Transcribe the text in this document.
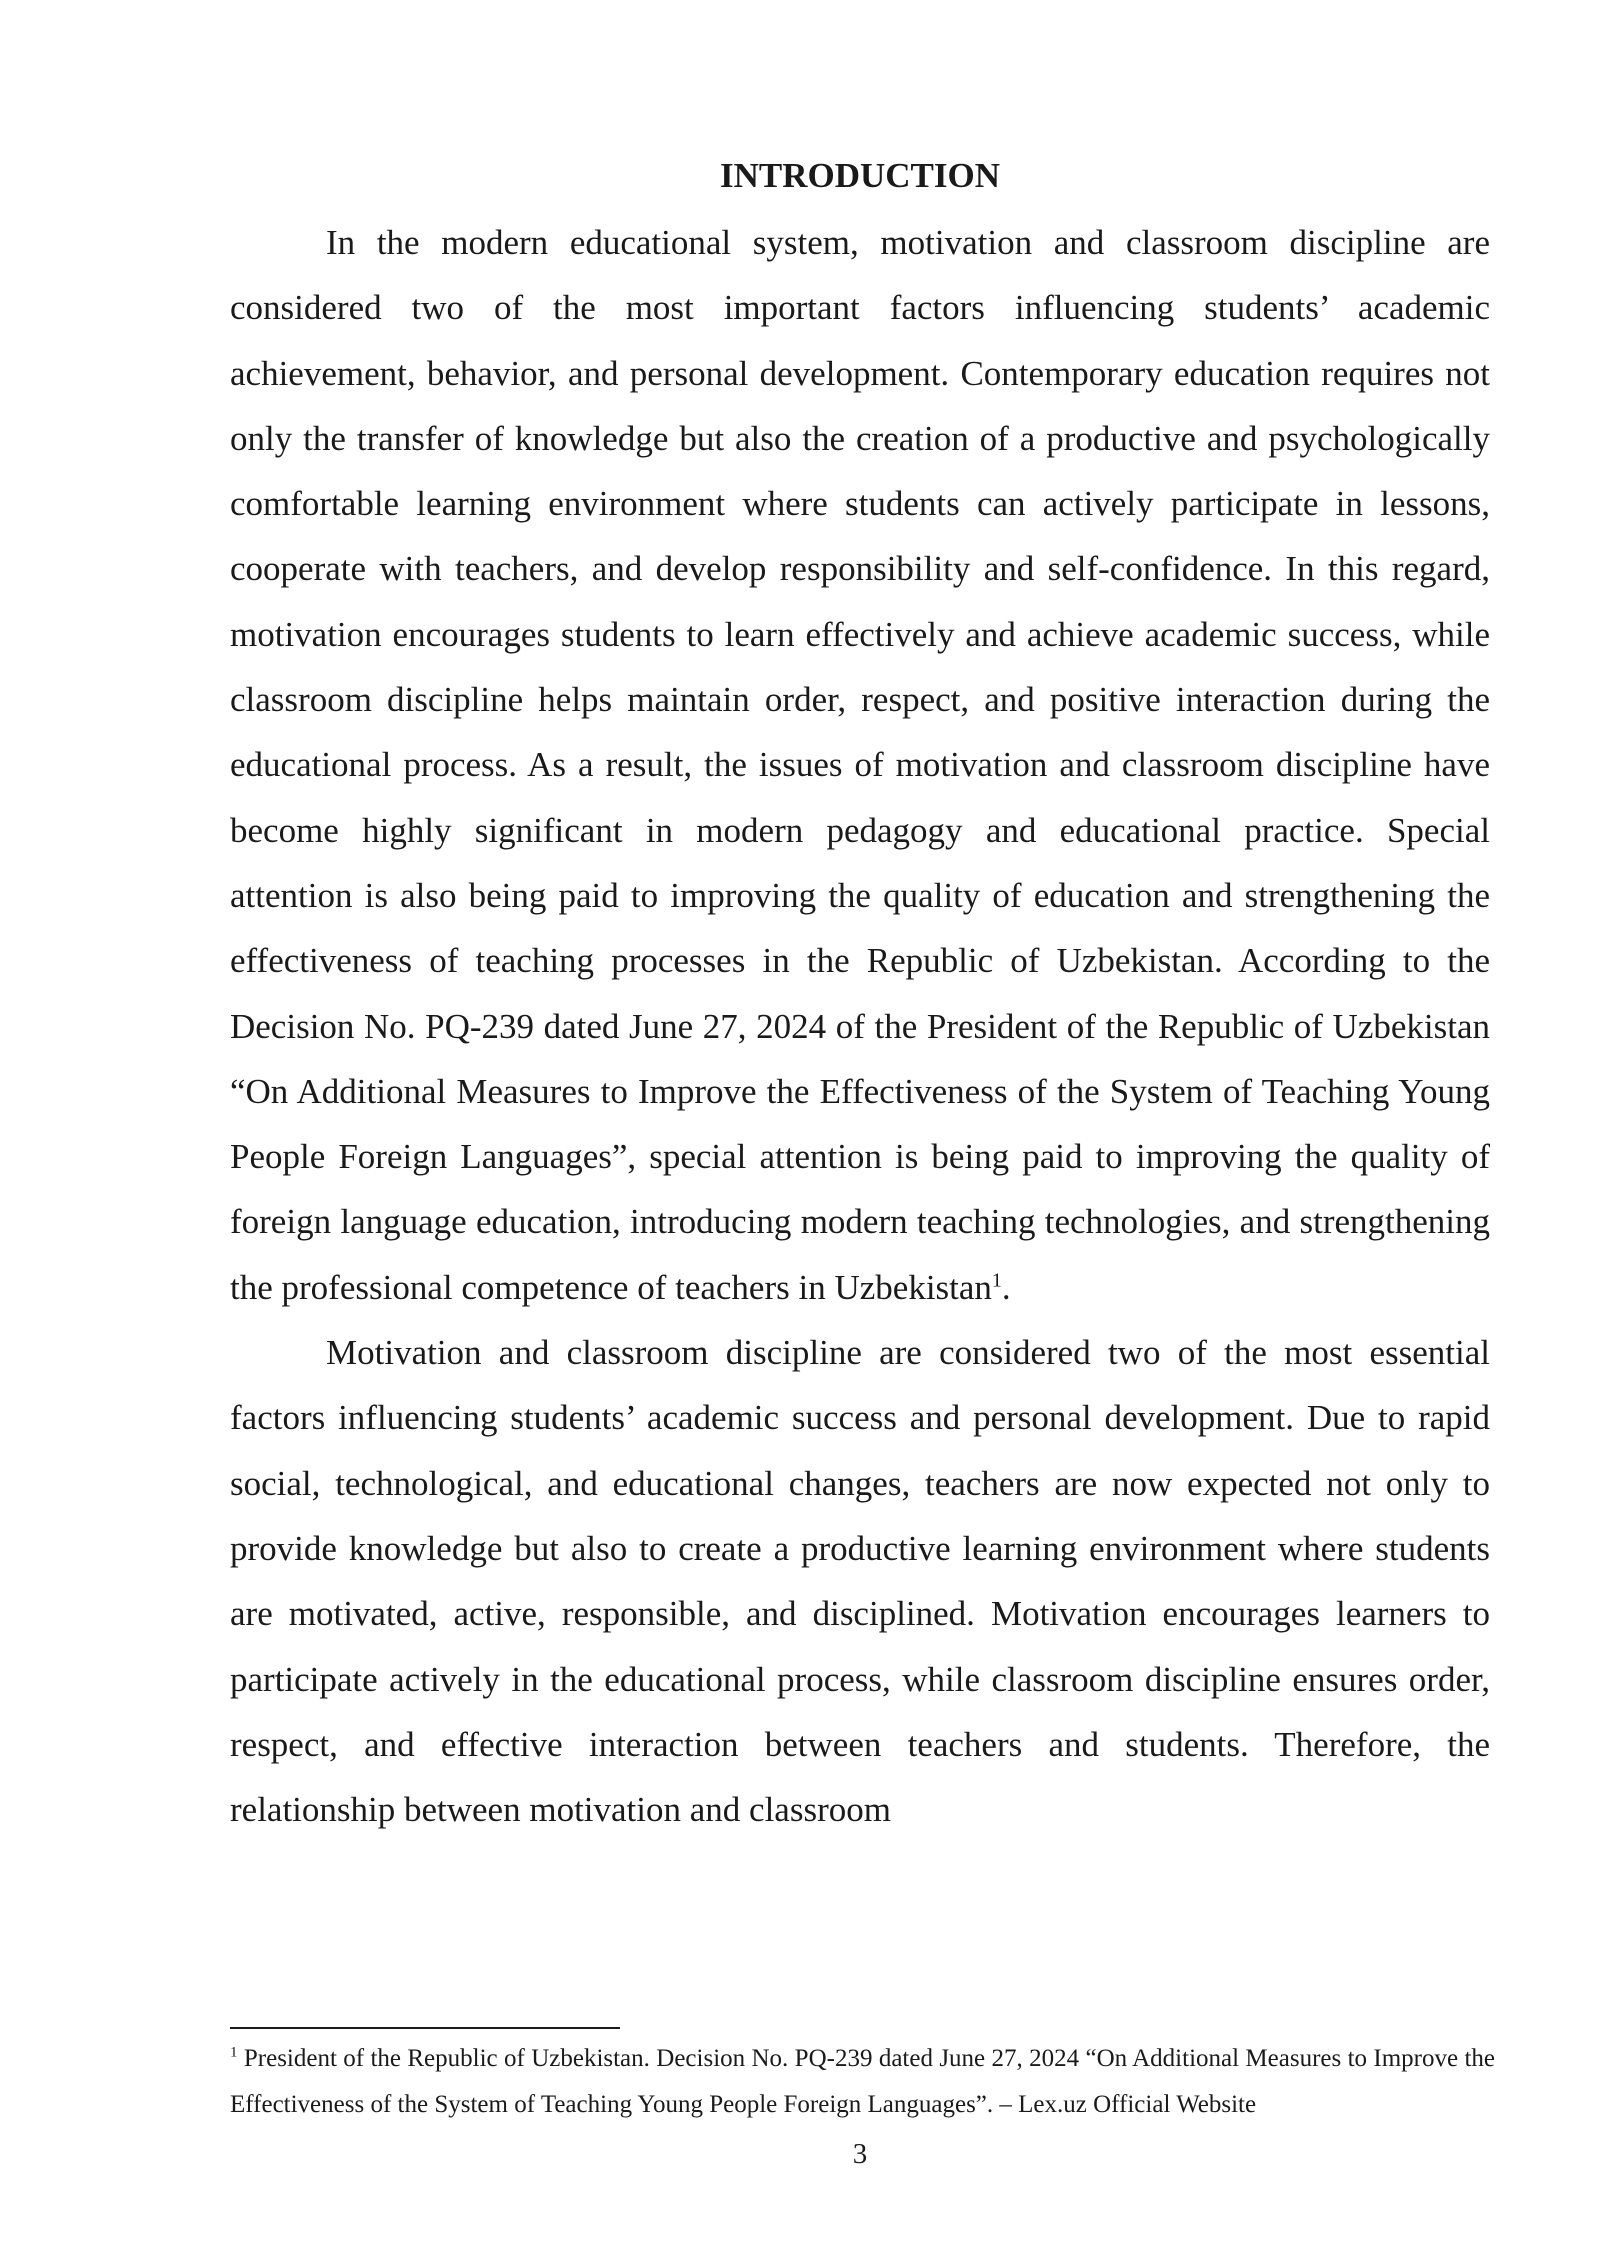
INTRODUCTION

In the modern educational system, motivation and classroom discipline are considered two of the most important factors influencing students’ academic achievement, behavior, and personal development. Contemporary education requires not only the transfer of knowledge but also the creation of a productive and psychologically comfortable learning environment where students can actively participate in lessons, cooperate with teachers, and develop responsibility and self-confidence. In this regard, motivation encourages students to learn effectively and achieve academic success, while classroom discipline helps maintain order, respect, and positive interaction during the educational process. As a result, the issues of motivation and classroom discipline have become highly significant in modern pedagogy and educational practice. Special attention is also being paid to improving the quality of education and strengthening the effectiveness of teaching processes in the Republic of Uzbekistan. According to the Decision No. PQ-239 dated June 27, 2024 of the President of the Republic of Uzbekistan “On Additional Measures to Improve the Effectiveness of the System of Teaching Young People Foreign Languages”, special attention is being paid to improving the quality of foreign language education, introducing modern teaching technologies, and strengthening the professional competence of teachers in Uzbekistan$^1$.

Motivation and classroom discipline are considered two of the most essential factors influencing students’ academic success and personal development. Due to rapid social, technological, and educational changes, teachers are now expected not only to provide knowledge but also to create a productive learning environment where students are motivated, active, responsible, and disciplined. Motivation encourages learners to participate actively in the educational process, while classroom discipline ensures order, respect, and effective interaction between teachers and students. Therefore, the relationship between motivation and classroom

$^1$ President of the Republic of Uzbekistan. Decision No. PQ-239 dated June 27, 2024 “On Additional Measures to Improve the Effectiveness of the System of Teaching Young People Foreign Languages”. – Lex.uz Official Website

3
